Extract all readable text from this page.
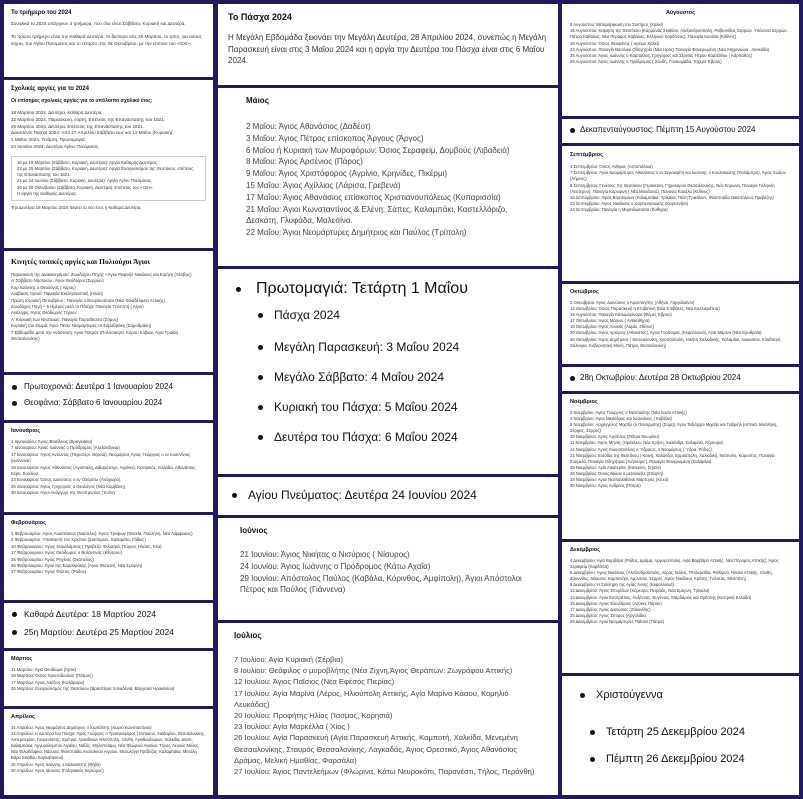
Το τριήμερο του 2024
Συνολικά το 2024 υπάρχουν 4 τριήμερα, που όλα είναι Σάββατο, Κυριακή και Δευτέρα.

Το πρώτο τριήμερο είναι την Καθαρά Δευτέρα, το δεύτερο στις 25 Μαρτίου, το τρίτο, για όσους ισχύει, του Αγίου Πνεύματος και το τέταρτο στις 28 Οκτωβρίου, με την επέτειο του «ΟΧΙ».
Σχολικές αργίες για το 2024
Οι επίσημες σχολικές αργίες για το υπόλοιπο σχολικό έτος:
18 Μαρτίου 2024, Δευτέρα, Καθαρά Δευτέρα.
22 Μαρτίου 2024, Παρασκευή, εορτή, Επέτειος της Επανάστασης του 1821.
25 Μαρτίου 2024, Δευτέρα, Επέτειος της Επανάστασης του 1821.
Δεκαπέντε Πάσχα 2024: Από 27 Απριλίου Σάββατο έως και 12 Μαΐου (Κυριακή).
1 Μαΐου 2024, Τετάρτη, Πρωτομαγιά.
24 Ιουνίου 2024, Δευτέρα Αγίου Πνεύματος.
16 με 18 Μαρτίου (Σάββατο, Κυριακή, Δευτέρα): Αργία Καθαρής Δευτέρας.
23 με 25 Μαρτίου (Σάββατο, Κυριακή, Δευτέρα): Αργία Ευαγγελισμού της Θεοτόκου, επέτειος της Επανάστασης του 1821.
22 με 24 Ιουνίου (Σάββατο, Κυριακή, Δευτέρα): Αργία Αγίου Πνεύματος.
26 με 28 Οκτωβρίου (Σάββατο, Κυριακή, Δευτέρα): Επέτειος του «ΟΧΙ».
Η αργία της Καθαρής Δευτέρας
Την Δευτέρα 18 Μαρτίου 2024 πέφτει το νέο έτος η Καθαρά Δευτέρα.
Κινητές τοπικές αργίες και Πολιούχοι Άγιοι
Παρασκευή της Διακαινησίμου: Ζωοδόχου Πηγής • Άγιοι Ραφαήλ Νικόλαος και Ειρήνη (Λέσβος)
Α' Σάββατο Νηστειών : Άγιοι Θεόδωροι (Σερρών)
Κυρ Ιωάννης ο Θεολόγος ( Λέρος)
Ανάβαση 'Ιησού: Παναγία Εκκλησιαστική (Ηλεία)
Πρώτη Κυριακή Οκτωβρίου : Παναγία ο Βουρλιωτίσσα (Νέα Φιλαδέλφεια Αττικής)
Ζωοδόχος Πηγή – 5 Ημέρες μετά το Πάσχα: Παναγία Τρύπητή ( Αίγιο)
Ανάληψη: Άγιος Θεόδωρος Τήρων
Α' Κυριακή των Νηστειών: Παναγία Πορταΐτισσα (Σάμος)
Κυριακή του Θωμά: Άγιοι Πέντε Νεομάρτυρες εν Σαμοθράκη (Σαμοθράκη)
7 Εβδομάδα μετά την Ανάσταση: Άγιοι Πατρός (Πολύσιατρα, Κύρου Κόβιαν, Άγια Τριάδα Θεσσαλονίκης)
Πρωτοχρονιά: Δευτέρα 1 Ιανουαρίου 2024
Θεοφάνια: Σάββατο 6 Ιανουαρίου 2024
Ιανουάριος
1 Ιανουαρίου: Άγιος Βασίλειος (Βραγκιάνα)
7 Ιανουαρίου: Άγιος Ιωάννης ο Πρόδρομος (Αλεξάνδρεια)
17 Ιανουαρίου: Άγιος Αντώνιος (Περιστέρι, Βέροια), Νεομάρτυς Άγιος Γεώργιος ο εν Ιωαννίνοις (Ιωάννινα)
18 Ιανουαρίου: Άγιος Αθανάσιος (Αγιόπαλη, Δίδυμότειχο, Αγρίνιο), Κεντρικός, Ελλάδα, Αθανάσιος, Κέρκ. Σουλίου
23 Ιανουαρίου: Όσιος Διονύσιος ο εν Ολύμπω (Λιτόχωρο)
25 Ιανουαρίου: Άγιος Γρηγόριος ο Θεολόγος (Νέα Καμβάνη)
30 Ιανουαρίου: Άγιοι Ανάργυρι της Θεσπρωτίας (Ίτυλο)
Φεβρουάριος
1 Φεβρουαρίου: Άγιος Αναστάσιος (Ναύπλιο), Άγιος Τρύφων (Φυτεία, Παλλήνη, Νέα Λάμψακος)
2 Φεβρουαρίου: Υπαπαντή του Χριστού (Σιατίσμων, Καλαμάτα, Γάδιες)
10 Φεβρουαρίου: Άγιος Χαράλαμπος ( Πρεβεζα: Φιλιατρά, Πύργος Ηλείας, Κέα)
17 Φεβρουαρίου: Άγιος Θεόδωρος ο Βυζαντινός (Κέντρου)
25 Φεβρουαρίου: Άγιος Ρηγίνος (Σκόπελος)
26 Φεβρουαρίου: Άγιοι της Σαμοθράκης (Αγιοι Φωτεινή, Νέα Σμύρνη)
27 Φεβρουαρίου: Άγιος Φώτιος (Ρόδος)
Καθαρά Δευτέρα: 18 Μαρτίου 2024
25η Μαρτίου: Δευτέρα 25 Μαρτίου 2024
Μάρτιος
11 Μαρτίου: Άγια Θεοδώρα (Άρτα)
16 Μαρτίου: Όσιος Χριστόδουλος (Πάτμος)
17 Μαρτίου: Άγιος Αλέξιος (Καλάμαρα)
25 Μαρτίου: Ευαγγελισμός της Θεοτόκου (Βραστέρια Χολαδένια, Βαγγελιά Ηρακλείου)
Απρίλιος
14 Απριλίου: Άγιος Νεομάρτυς Δημήτριος ο Χιωπάλτης (Χωριό Κωνσταντίνου)
23 Απριλίου: Η Δευτέρα του Πάσχα: Άγιος Γεώργιος ο Τροπαιοφόρος ( Εστιαίου, Χαϊδαρίου, Θεσσαλονίκης, Αστεμπερίου, Γουμενίσσης, Ερέτρια, Αρκαδικών Ηλιούπολη, Ξάνθη, Αγιοθεοδώρων, Χαλκίδα, Δύστι, Καλαμπάκα, Αργυρολαμπού Αιγαίου, Ναξός, Μηλοπόταμο, Νέα Φλώρινα Αιγαίου, Τήνος, Λευκός Μύλος, Νέα Φιλαδέλφεια, Νάουσα, Φιλιππιάδα Ανατολικού Αιγαίου, Μεσολόγγι Πρέβεζας, Καλαμπάκα, Μεγάλη Βάρα Σκιάθου Καρλοβασίου)
25 Απριλίου: Άγιος Ιωάννης ο Καλαιοπτης (Θήβα)
30 Απριλίου: Άγιος Ιάσονας (Γαληνιακός Κερκύρας)
Το Πάσχα 2024
Η Μεγάλη Εβδομάδα ξεκινάει την Μεγάλη Δευτέρα, 28 Απριλίου 2024, συνεπώς η Μεγάλη Παρασκευή είναι στις 3 Μαΐου 2024 και η αργία την Δευτέρα του Πάσχα είναι στις 6 Μαΐου 2024.
Μάιος
2 Μαΐου: Άγιος Αθανάσιος (Δαδέοτ)
3 Μαΐου: Άγιος Πέτρος επίσκοπος Άργους (Άργος)
6 Μαΐου ή Κυριακή των Μυροφόρων: Όσιος Σεραφείμ, Δομβούς (Λιβαδειά)
8 Μαΐου: Άγιος Αρσένιος (Πάρος)
9 Μαΐου: Άγιος Χριστόφορος (Αγρίνιο, Κρηνίδες, Πικέρμι)
15 Μαΐου: Άγιος Αχίλλιος (Λάρισα, Γρεβενά)
17 Μαΐου: Άγιος Αθανάσιος επίσκοπος Χριστιανουπόλεως (Κυπαρισσία)
21 Μαΐου: Άγιοι Κωνσταντίνος & Ελένη: Σάπες, Καλαμπάκι, Καστελλόριζο, Δεσκάτη, Γλυφάδα, Μαλεσίνα.
22 Μαΐου: Άγιοι Νεομάρτυρες Δημήτριος και Παύλος (Τρίπολη)
Πρωτομαγιά: Τετάρτη 1 Μαΐου
Πάσχα 2024
Μεγάλη Παρασκευή: 3 Μαΐου 2024
Μεγάλο Σάββατο: 4 Μαΐου 2024
Κυριακή του Πάσχα: 5 Μαΐου 2024
Δευτέρα του Πάσχα: 6 Μαΐου 2024
Αγίου Πνεύματος: Δευτέρα 24 Ιουνίου 2024
Ιούνιος
21 Ιουνίου: Άγιος Νικήτας ο Νισύριος ( Νίσυρος)
24 Ιουνίου: Άγιος Ιωάννης ο Πρόδρομος (Κάτω Αχαΐα)
29 Ιουνίου: Απόστολος Παύλος (Καβάλα, Κόρινθος, Αμφίπολη), Άγιοι Απόστολοι Πέτρος και Παύλος (Γιάννενα)
Ιούλιος
7 Ιουλίου: Αγία Κυριακή (Σέρβια)
8 Ιουλίου: Θεόφιλος ο μυροβλήτης (Νέα Ζίχνη,Άγιος Θεράπων: Ζωγράφου Αττικής)
12 Ιουλίου: Άγιος Παΐσιος (Νέα Εφέσος Πιερίας)
17 Ιουλίου: Αγία Μαρίνα (Λέρος, Ηλιούπολη Αττικής, Αγία Μαρίνα Κάσου, Κομηλιό Λευκάδας)
20 Ιουλίου: Προφήτης Ηλίας (Ίασμος, Κορησιά)
23 Ιουλίου: Αγία Μαρκέλλα ( Χίος )
26 Ιουλίου: Αγία Παρασκευή (Αγία Παρασκευή Αττικής, Καμποτή, Χαλκίδα, Μενεμένη Θεσσαλονίκης, Σταυρός Θεσσαλονίκης, Λαγκαδάς, Άγιος Ορεστικό, Άγιος Αθανάσιος Δράμας, Μελική Ημαθίας, Φαρσάλα)
27 Ιουλίου: Άγιος Παντελεήμων (Φλώρινα, Κάτω Νευροκόπι, Παρανέστι, Τήλος, Περάνθη)
Αύγουστος
6 Αυγούστου: Μεταμόρφωση του Σωτήρος (Χαλκί)
15 Αυγούστου: Κοίμηση της Θεοτόκου (Καρμανάς Σκιάθου, Αλεξανδρούπολη, Ραβεννίδας Σερρών, Υπάντειο Σερρών, Πάτρα Καβάλας, Νέα Περαμος Καβάλας, Ελληνικό Καρδίτσας), Παναγία Κανάλα (Κύθνος)
18 Αυγούστου: Όσιος Θεοφάνης ( Ιερέων Χαλκί)
23 Αυγούστου: Παναγία Βασιλικό Οδηγητρία (Νέα Ηράς) Παναγία Φανερωμένη (Νέα Μηχανιώνα , Λευκάδα)
25 Αυγούστου: Άγιος Ιωάννης ο Καρπάθιος, Γρηγόριος και Σέργιος Ήτρου Καρπάθου ( Κάρπαθος)
29 Αυγούστου: Άγιος Ιωάννης ο Πρόδρομος ( Σάνδη, Γοσκωμάδα, Τοχερό Έβρου)
Δεκαπενταύγουστος: Πέμπτη 15 Αυγούστου 2024
Σεπτέμβριος
4 Σεπτεμβρίου: Όσιος Ανθιμος (Αστυπάλαια)
7 Σεπτεμβρίου: Άγιοι Νεομάρτυρες Αθανάσιος ο εν Σερακιρίτη και Ιωάννης ο Κουλακιώτης (Καλάμπρα), Άγιος Σώζων (Λήμνος)
8 Σεπτεμβρίου: Γενέσιος της Θεοτόκου (Γερακίτσα, Γηρακαρού Θεσσαλονίκης, Νέα Κορωνη, Παναγία Γαληνόη (Λευτέρου), Παναγία Κορυφινή ( Νέα Μουδανιά), Παναγία Κανάλα (Κύθνος)
15 Σεπτεμβρίου: Άγιος Βησσαρίων (Καλαμπάκα, Τρίκαλα, Πύλη Τρικάλων, Φιλιππιάδα Νικοπόλεως Πρεβέζης)
23 Σεπτεμβρίου: Άγιος Νικόλαος ο Καρπενησιώτης (Καρπενήσι)
24 Σεπτεμβρίου: Παναγία η Μυρτιδιώτισσα (Κύθηρα)
Οκτώβριος
3 Οκτωβρίου: Άγιος Διονύσιος ο Αρεοπαγίτης (Αθήνα, Γαργαλιάνοι)
14 Οκτωβρίου: Όσιος Παρασκευή η Επιβατινή (Νέα Επιβάτες, Νέα Καλλικράτεια)
15 Αυγούστου: Παναγία Κατωμαρίνορα (Φέρες Έβρου)
17 Οκτωβρίου: Άγιος Μάρων ( Αντικύθηρα)
18 Οκτωβρίου: Άγιος Λουκάς (Λαμία, Σθένας)
20 Οκτωβρίου: Άγιος Αρτέμιος (Αθανάτος), Άγιος Γεράσιμος (Κεφαλλονιά), Αγία Μαρίνα (Νέα Ερυθραία)
26 Οκτωβρίου: Άγιος Δημήτριος ( Θεσσαλονίκη, Χρυσούπολη, Νικήτη Χαλκιδικής, Καλαμάκι, Λοικασίου, Κλαδοτρό, Χάλουρα, Κυβερνητική Μονή, Πάτρα, Θεσσαλονίκη)
28η Οκτωβρίου: Δευτέρα 28 Οκτωβρίου 2024
Νοέμβριος
3 Νοεμβρίου: Άγιος Γεώργιος ο Νεαπολίτης (Νέα Ιωνία Αττικής)
4 Νοεμβρίου: Άγιοι Νικανδρος και Ιωαννίκιος ( Καβάλα)
8 Νοεμβρίου: Αρχάγγελος Μιχαήλ (ο Πανορμίτης) (Σύμη), Άγιοι Ταξιάρχαι Μιχαήλ και Γαβριήλ (Απτικό, Μυτιλήνη, Σέρφος, Σέρρες)
10 Νοεμβρίου: Άγιος Αρσένιος (Πάτρα Νεωρίου)
11 Νοεμβρίου: Άγιος Μηνάς (Ηράκλειο, Νέα Κρήνη, Χαλάνδρι, Σαλαμίνα, Κέρκυρα)
14 Νοεμβρίου: Άγιος Κωνσταντίνος ο Ύδραιος, ο Νεομάρτυς ( Ύδρα, Ρόδος)
21 Νοεμβρίου: Εισόδια της Θεοτόκου ( Καινή, Χαλάνδρι, Ερμούπολη, Χαλκιδική, Νεάπολη, Κάρυστος, Παναγία Σουμελά, Παναγία Οδηγήτρια ( Κέρκυρα ), Παναγία Φανερωμένη (Σαλαμίνα)
25 Νοεμβρίου: Αγία Αικατερίνη (Κατερίνη, Σητεία)
26 Νοεμβρίου: Όσιος Νίκων ο μετανοείτε (Σπάρτη)
28 Νοεμβρίου: Αγιοι Νεοπαναθάναι Μάρτυρες (Κίτεο)
30 Νοεμβρίου: Άγιος Ανδρέας (Πάτρα)
Δεκέμβριος
4 Δεκεμβρίου: Αγία Βαρβάρα (Ρόδος, Δράμα, Αργυρούπολη, Αγία Βαρβάρα Αττικής, Νέα Πέραμος Αττικής), Άγιος Σεραφείμ (Καρδίτσα)
6 Δεκεμβρίου: Άγιος Νικόλαος (Αλεξανδρούπολη, Λέρος, Βόλος, Πτολεμαΐδα, Ρεθύμνο, Νίκαια Αττικής, Ξάνθη, Ζάκυνθος, Νάουσα, Καρπενήσι, Αμύνταιο, Σέρρες, Άγιος Νικόλαος Κρήτης, Γαλατάς, Μεσσήνη)
9 Δεκεμβρίου: Η Σύλληψη της Αγίας Άννης (Κεφαλλονιά)
12 Δεκεμβρίου: Άγιος Σπυρίδων (Κέρκυρα, Πειραιάς, Νέα Σμύρνη, Τρίκαλα)
13 Δεκεμβρίου: Άγιοι Ευστράτιος, Αυξέντιος, Ευγένιος, Μαρδάριος και Ορέστης (Κεντρική Ελλάδα)
15 Δεκεμβρίου: Άγιος Ελευθέριος (Λεύκες Πάρου)
17 Δεκεμβρίου: Άγιος Διονύσιος (Ζάκυνθος)
25 Δεκεμβρίου: Άγιος Σπύρος (Αργολίδα)
29 Δεκεμβρίου: Άγιοι Νεομάρτυρες Παΐσιοι (Πάτρα)
Χριστούγεννα
Τετάρτη 25 Δεκεμβρίου 2024
Πέμπτη 26 Δεκεμβρίου 2024
